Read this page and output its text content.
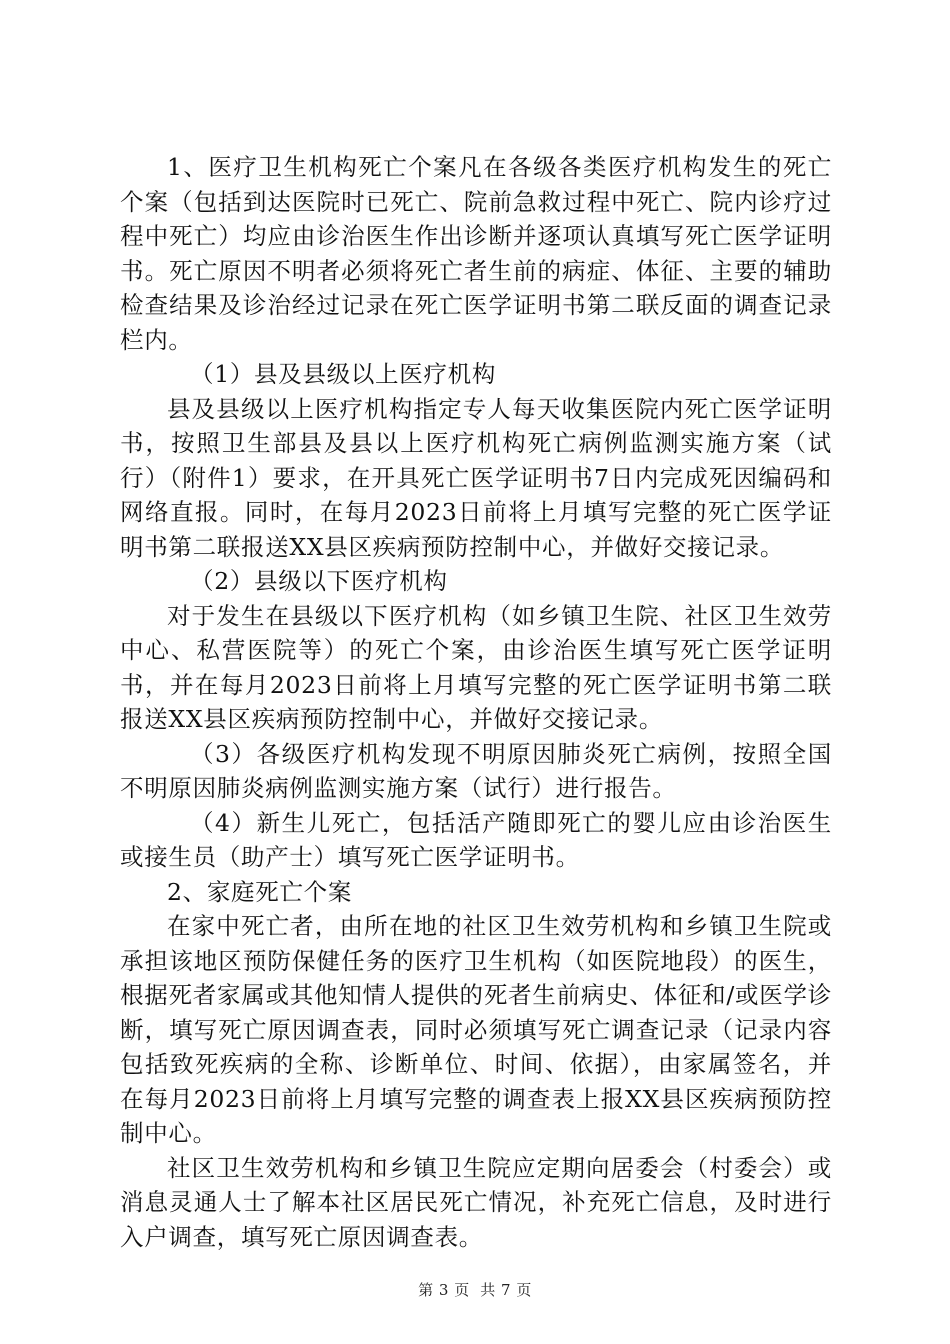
1、医疗卫生机构死亡个案凡在各级各类医疗机构发生的死亡个案（包括到达医院时已死亡、院前急救过程中死亡、院内诊疗过程中死亡）均应由诊治医生作出诊断并逐项认真填写死亡医学证明书。死亡原因不明者必须将死亡者生前的病症、体征、主要的辅助检查结果及诊治经过记录在死亡医学证明书第二联反面的调查记录栏内。

（1）县及县级以上医疗机构

县及县级以上医疗机构指定专人每天收集医院内死亡医学证明书，按照卫生部县及县以上医疗机构死亡病例监测实施方案（试行）（附件1）要求，在开具死亡医学证明书7日内完成死因编码和网络直报。同时，在每月2023日前将上月填写完整的死亡医学证明书第二联报送XX县区疾病预防控制中心，并做好交接记录。

（2）县级以下医疗机构

对于发生在县级以下医疗机构（如乡镇卫生院、社区卫生效劳中心、私营医院等）的死亡个案，由诊治医生填写死亡医学证明书，并在每月2023日前将上月填写完整的死亡医学证明书第二联报送XX县区疾病预防控制中心，并做好交接记录。

（3）各级医疗机构发现不明原因肺炎死亡病例，按照全国不明原因肺炎病例监测实施方案（试行）进行报告。

（4）新生儿死亡，包括活产随即死亡的婴儿应由诊治医生或接生员（助产士）填写死亡医学证明书。

2、家庭死亡个案

在家中死亡者，由所在地的社区卫生效劳机构和乡镇卫生院或承担该地区预防保健任务的医疗卫生机构（如医院地段）的医生，根据死者家属或其他知情人提供的死者生前病史、体征和/或医学诊断，填写死亡原因调查表，同时必须填写死亡调查记录（记录内容包括致死疾病的全称、诊断单位、时间、依据），由家属签名，并在每月2023日前将上月填写完整的调查表上报XX县区疾病预防控制中心。

社区卫生效劳机构和乡镇卫生院应定期向居委会（村委会）或消息灵通人士了解本社区居民死亡情况，补充死亡信息，及时进行入户调查，填写死亡原因调查表。

第 3 页  共 7 页
